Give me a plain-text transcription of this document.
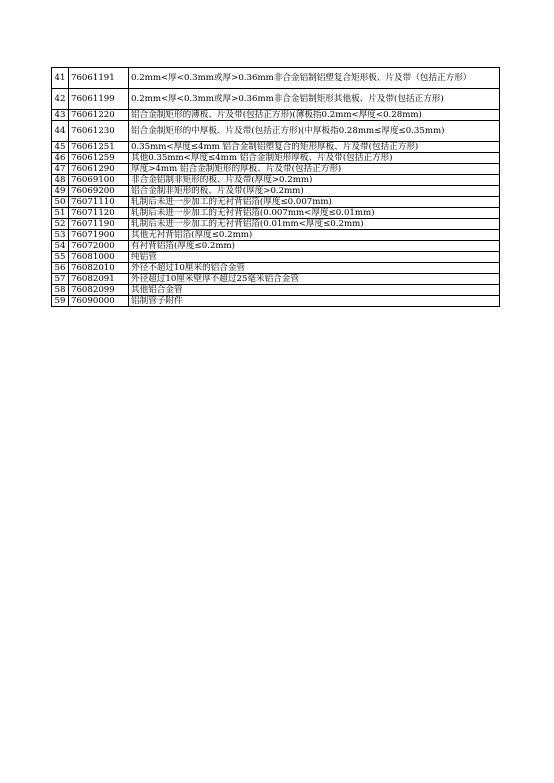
41	76061191	0.2mm<厚<0.3mm或厚>0.36mm非合金铝制铝塑复合矩形板、片及带（包括正方形）
42	76061199	0.2mm<厚<0.3mm或厚>0.36mm非合金铝制矩形其他板、片及带(包括正方形)
43	76061220	铝合金制矩形的薄板、片及带(包括正方形)(薄板指0.2mm<厚度<0.28mm)
44	76061230	铝合金制矩形的中厚板、片及带(包括正方形)(中厚板指0.28mm≤厚度≤0.35mm)
45	76061251	0.35mm<厚度≤4mm 铝合金制铝塑复合的矩形厚板、片及带(包括正方形)
46	76061259	其他0.35mm<厚度≤4mm 铝合金制矩形厚板、片及带(包括正方形)
47	76061290	厚度>4mm 铝合金制矩形的厚板、片及带(包括正方形)
48	76069100	非合金铝制非矩形的板、片及带(厚度>0.2mm)
49	76069200	铝合金制非矩形的板、片及带(厚度>0.2mm)
50	76071110	轧制后未进一步加工的无衬背铝箔(厚度≤0.007mm)
51	76071120	轧制后未进一步加工的无衬背铝箔(0.007mm<厚度≤0.01mm)
52	76071190	轧制后未进一步加工的无衬背铝箔(0.01mm<厚度≤0.2mm)
53	76071900	其他无衬背铝箔(厚度≤0.2mm)
54	76072000	有衬背铝箔(厚度≤0.2mm)
55	76081000	纯铝管
56	76082010	外径不超过10厘米的铝合金管
57	76082091	外径超过10厘米壁厚不超过25毫米铝合金管
58	76082099	其他铝合金管
59	76090000	铝制管子附件
